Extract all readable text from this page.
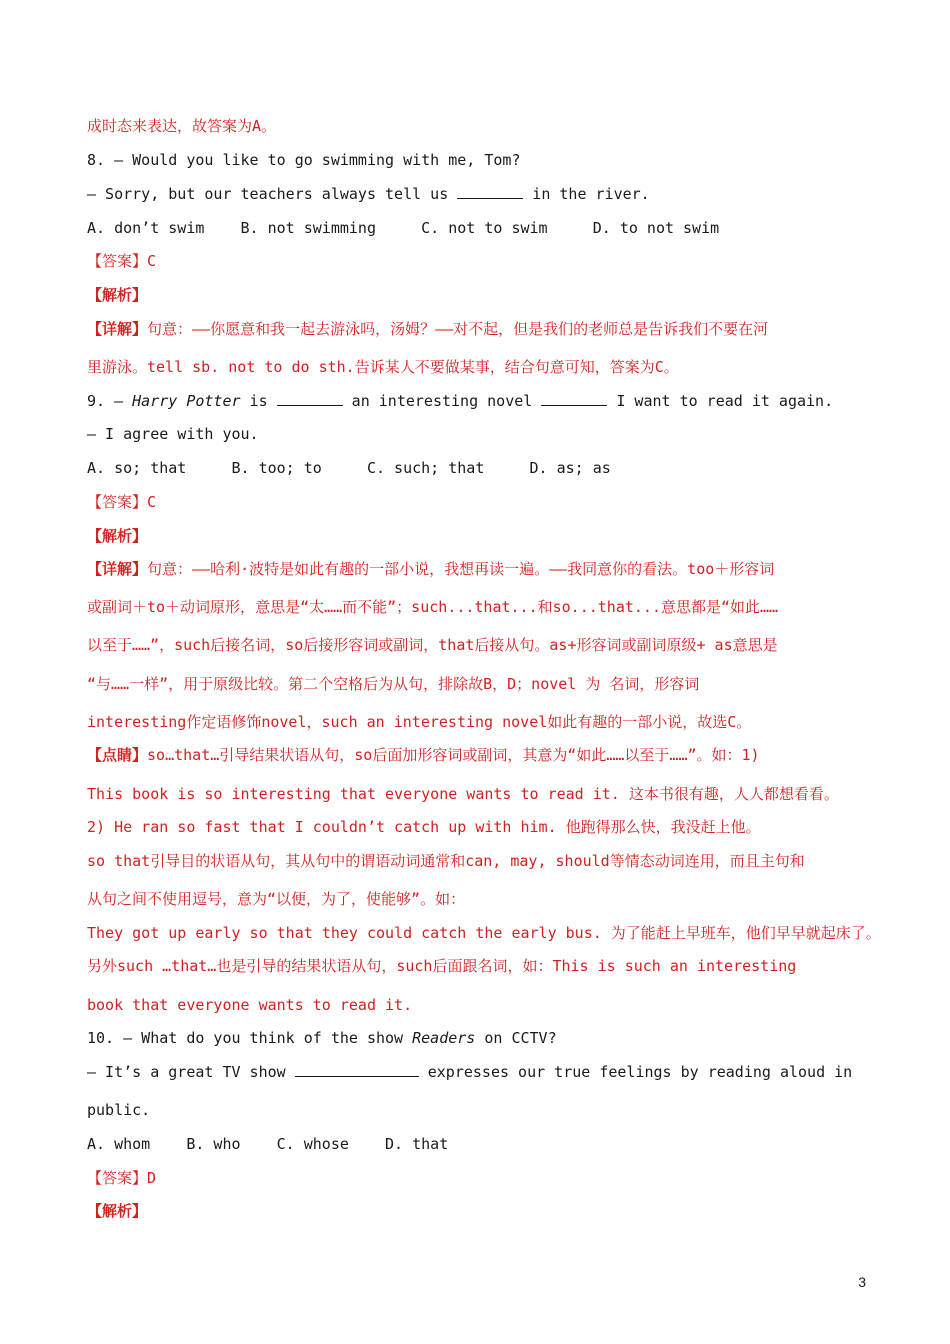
成时态来表达，故答案为A。
8. — Would you like to go swimming with me, Tom?
— Sorry, but our teachers always tell us	in the river.
A. don’t swim    B. not swimming     C. not to swim     D. to not swim
【答案】C
【解析】
【详解】句意：——你愿意和我一起去游泳吗，汤姆？——对不起，但是我们的老师总是告诉我们不要在河
里游泳。tell sb. not to do sth.告诉某人不要做某事，结合句意可知，答案为C。
9. — Harry Potter is	an interesting novel	I want to read it again.
— I agree with you.
A. so; that     B. too; to     C. such; that     D. as; as
【答案】C
【解析】
【详解】句意：——哈利·波特是如此有趣的一部小说，我想再读一遍。——我同意你的看法。too＋形容词
或副词＋to＋动词原形，意思是“太……而不能”；such...that...和so...that...意思都是“如此……
以至于……”，such后接名词，so后接形容词或副词，that后接从句。as+形容词或副词原级+ as意思是
“与……一样”，用于原级比较。第二个空格后为从句，排除故B，D；novel 为 名词，形容词
interesting作定语修饰novel，such an interesting novel如此有趣的一部小说，故选C。
【点睛】so…that…引导结果状语从句，so后面加形容词或副词，其意为“如此……以至于……”。如：1)
This book is so interesting that everyone wants to read it. 这本书很有趣，人人都想看看。
2) He ran so fast that I couldn’t catch up with him. 他跑得那么快，我没赶上他。
so that引导目的状语从句，其从句中的谓语动词通常和can, may, should等情态动词连用，而且主句和
从句之间不使用逗号，意为“以便，为了，使能够”。如：
They got up early so that they could catch the early bus. 为了能赶上早班车，他们早早就起床了。
另外such …that…也是引导的结果状语从句，such后面跟名词，如：This is such an interesting
book that everyone wants to read it.
10. — What do you think of the show Readers on CCTV?
— It’s a great TV show	expresses our true feelings by reading aloud in
public.
A. whom    B. who    C. whose    D. that
【答案】D
【解析】
3
